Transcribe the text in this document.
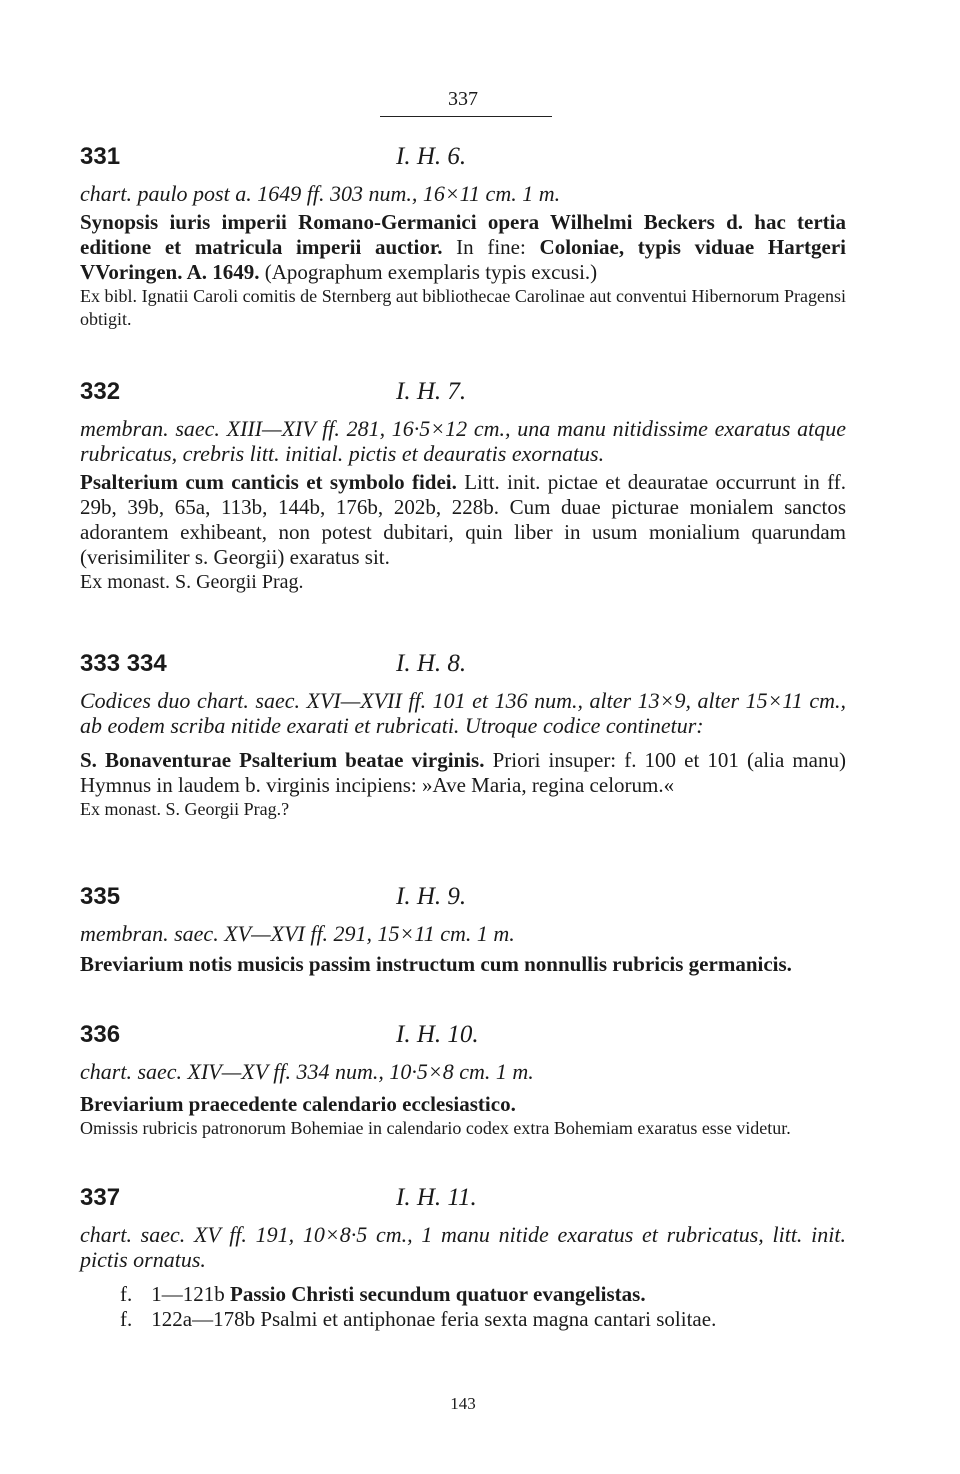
337
331	I. H. 6.
chart. paulo post a. 1649 ff. 303 num., 16×11 cm. 1 m.
Synopsis iuris imperii Romano-Germanici opera Wilhelmi Beckers d. hac tertia editione et matricula imperii auctior. In fine: Coloniae, typis viduae Hartgeri VVoringen. A. 1649. (Apographum exemplaris typis excusi.)
Ex bibl. Ignatii Caroli comitis de Sternberg aut bibliothecae Carolinae aut conventui Hibernorum Pragensi obtigit.
332	I. H. 7.
membran. saec. XIII—XIV ff. 281, 16·5×12 cm., una manu nitidissime exaratus atque rubricatus, crebris litt. initial. pictis et deauratis exornatus.
Psalterium cum canticis et symbolo fidei. Litt. init. pictae et deauratae occurrunt in ff. 29b, 39b, 65a, 113b, 144b, 176b, 202b, 228b. Cum duae picturae monialem sanctos adorantem exhibeant, non potest dubitari, quin liber in usum monialium quarundam (verisimiliter s. Georgii) exaratus sit.
Ex monast. S. Georgii Prag.
333 334	I. H. 8.
Codices duo chart. saec. XVI—XVII ff. 101 et 136 num., alter 13×9, alter 15×11 cm., ab eodem scriba nitide exarati et rubricati. Utroque codice continetur:
S. Bonaventurae Psalterium beatae virginis. Priori insuper: f. 100 et 101 (alia manu) Hymnus in laudem b. virginis incipiens: »Ave Maria, regina celorum.«
Ex monast. S. Georgii Prag.?
335	I. H. 9.
membran. saec. XV—XVI ff. 291, 15×11 cm. 1 m.
Breviarium notis musicis passim instructum cum nonnullis rubricis germanicis.
336	I. H. 10.
chart. saec. XIV—XV ff. 334 num., 10·5×8 cm. 1 m.
Breviarium praecedente calendario ecclesiastico.
Omissis rubricis patronorum Bohemiae in calendario codex extra Bohemiam exaratus esse videtur.
337	I. H. 11.
chart. saec. XV ff. 191, 10×8·5 cm., 1 manu nitide exaratus et rubricatus, litt. init. pictis ornatus.
f. 1—121b Passio Christi secundum quatuor evangelistas.
f. 122a—178b Psalmi et antiphonae feria sexta magna cantari solitae.
143
